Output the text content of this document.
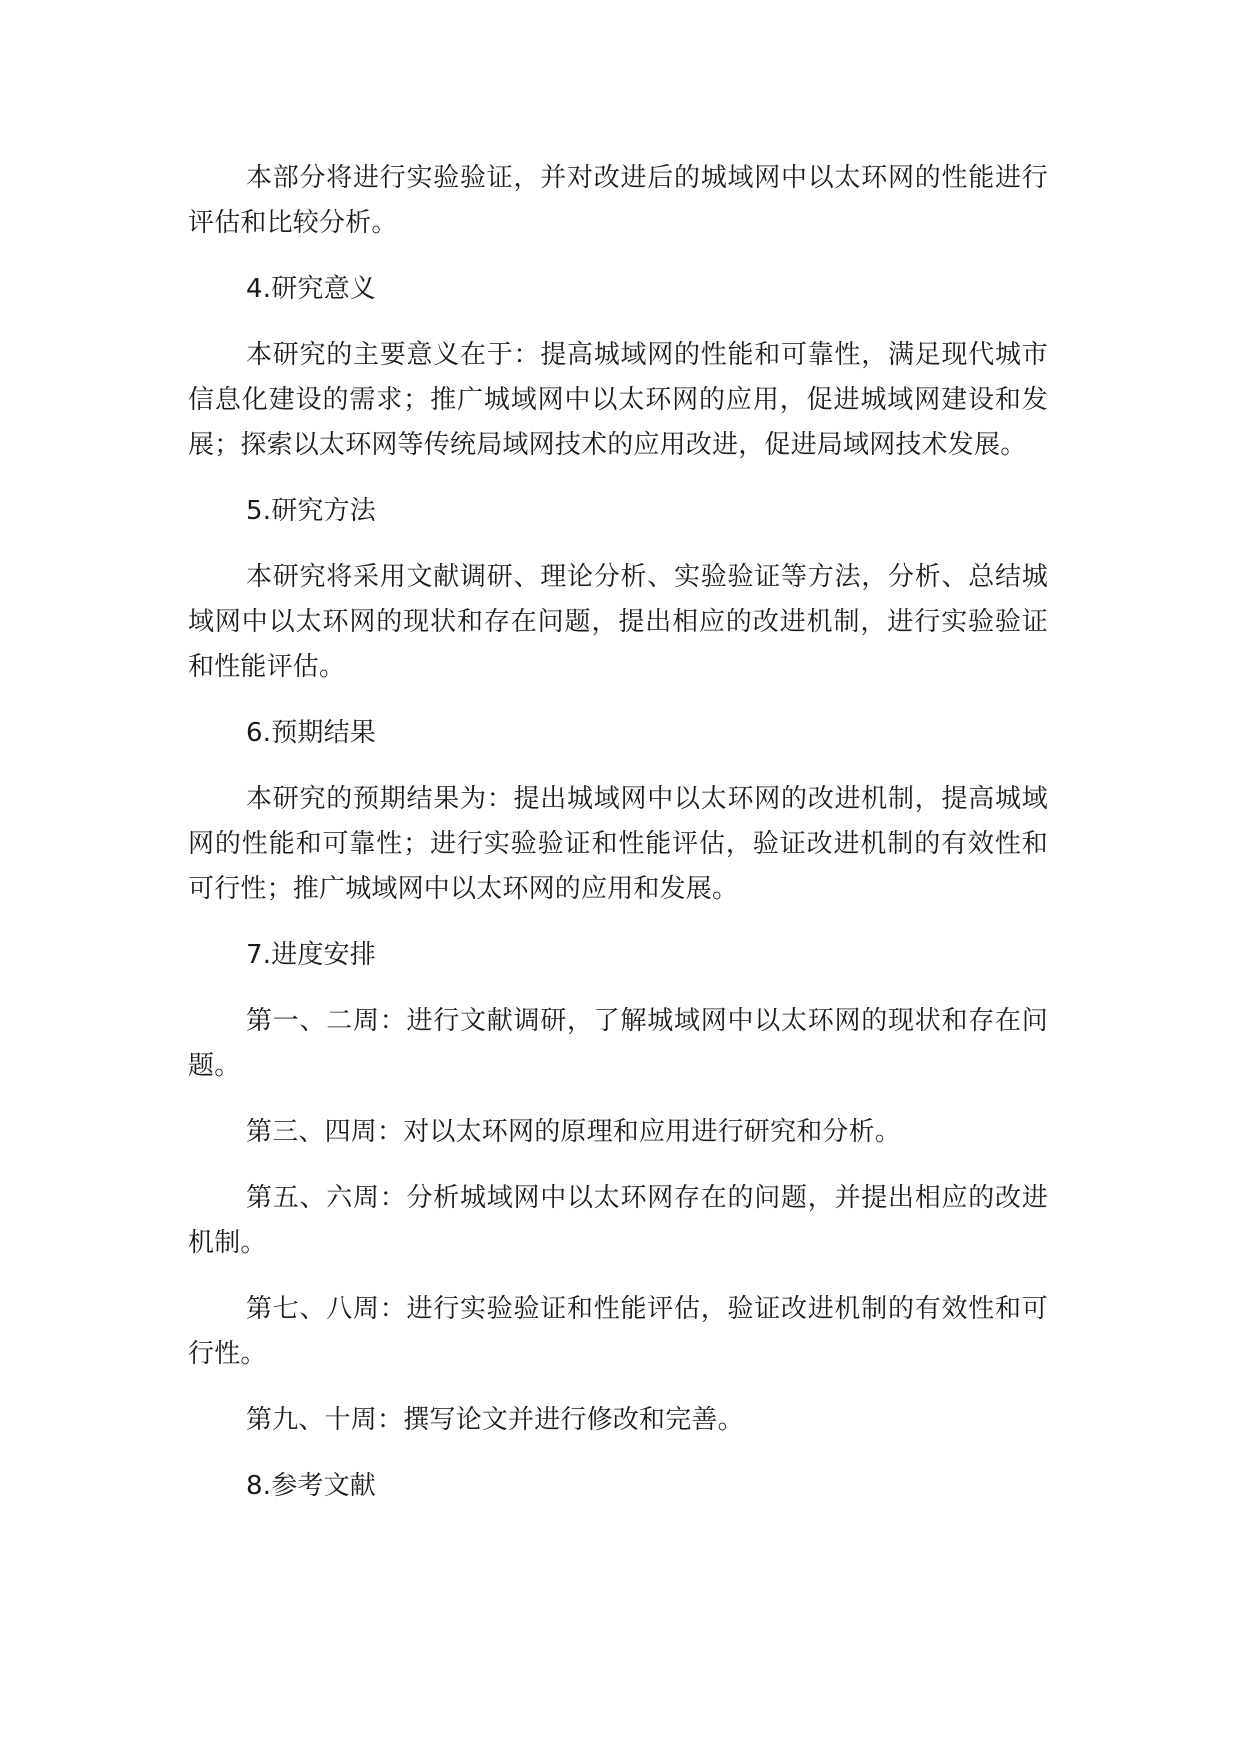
本部分将进行实验验证，并对改进后的城域网中以太环网的性能进行评估和比较分析。

4.研究意义

本研究的主要意义在于：提高城域网的性能和可靠性，满足现代城市信息化建设的需求；推广城域网中以太环网的应用，促进城域网建设和发展；探索以太环网等传统局域网技术的应用改进，促进局域网技术发展。

5.研究方法

本研究将采用文献调研、理论分析、实验验证等方法，分析、总结城域网中以太环网的现状和存在问题，提出相应的改进机制，进行实验验证和性能评估。

6.预期结果

本研究的预期结果为：提出城域网中以太环网的改进机制，提高城域网的性能和可靠性；进行实验验证和性能评估，验证改进机制的有效性和可行性；推广城域网中以太环网的应用和发展。

7.进度安排

第一、二周：进行文献调研，了解城域网中以太环网的现状和存在问题。

第三、四周：对以太环网的原理和应用进行研究和分析。

第五、六周：分析城域网中以太环网存在的问题，并提出相应的改进机制。

第七、八周：进行实验验证和性能评估，验证改进机制的有效性和可行性。

第九、十周：撰写论文并进行修改和完善。

8.参考文献
